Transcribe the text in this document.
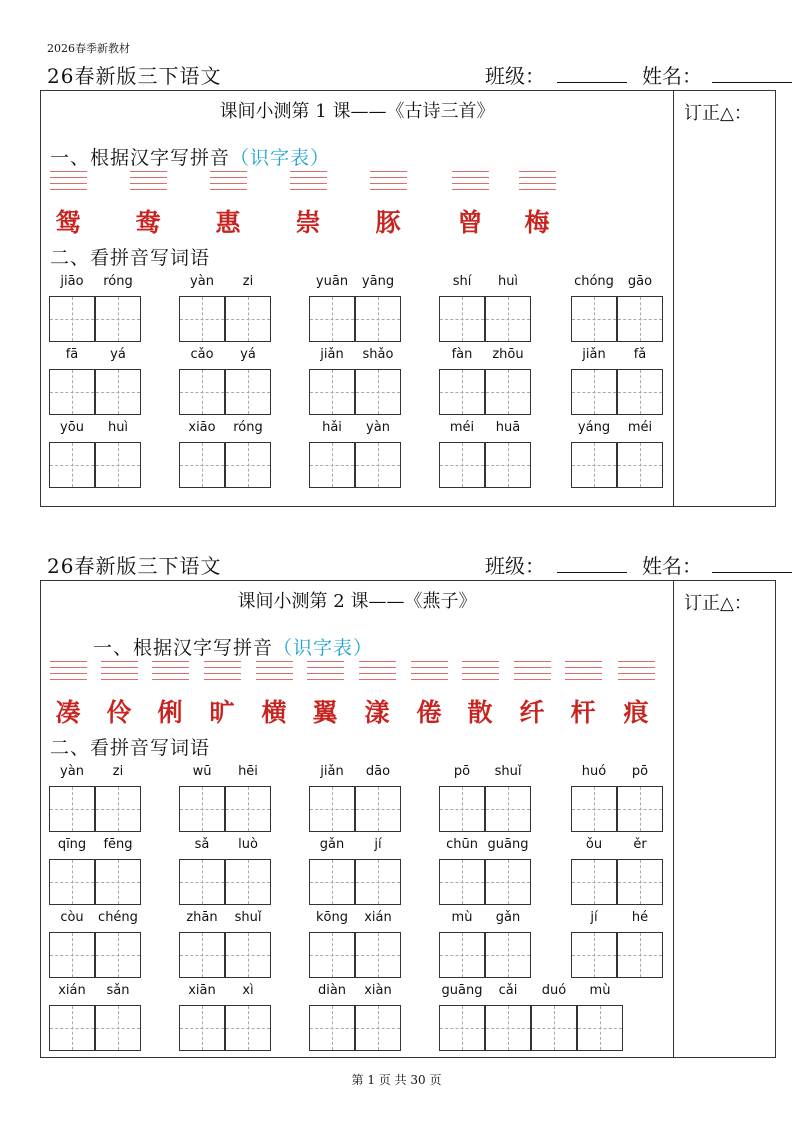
2026春季新教材
26春新版三下语文	班级：	姓名：
订正△：
课间小测第 1 课——《古诗三首》
一、根据汉字写拼音（识字表）
鸳	鸯	惠	崇	豚	曾	梅
二、看拼音写词语
jiāo	róng	yàn	zi	yuān	yāng	shí	huì	chóng	gāo
fā	yá	cǎo	yá	jiǎn	shǎo	fàn	zhōu	jiǎn	fǎ
yōu	huì	xiāo	róng	hǎi	yàn	méi	huā	yáng	méi
26春新版三下语文	班级：	姓名：
订正△：
课间小测第 2 课——《燕子》
一、根据汉字写拼音（识字表）
凑	伶	俐	旷	横	翼	漾	倦	散	纤	杆	痕
二、看拼音写词语
yàn	zi	wū	hēi	jiǎn	dāo	pō	shuǐ	huó	pō
qīng	fēng	sǎ	luò	gǎn	jí	chūn guāng	ǒu	ěr
còu	chéng	zhān	shuǐ	kōng	xián	mù	gǎn	jí	hé
xián	sǎn	xiān	xì	diàn	xiàn	guāng	cǎi	duó	mù
第 1 页 共 30 页
